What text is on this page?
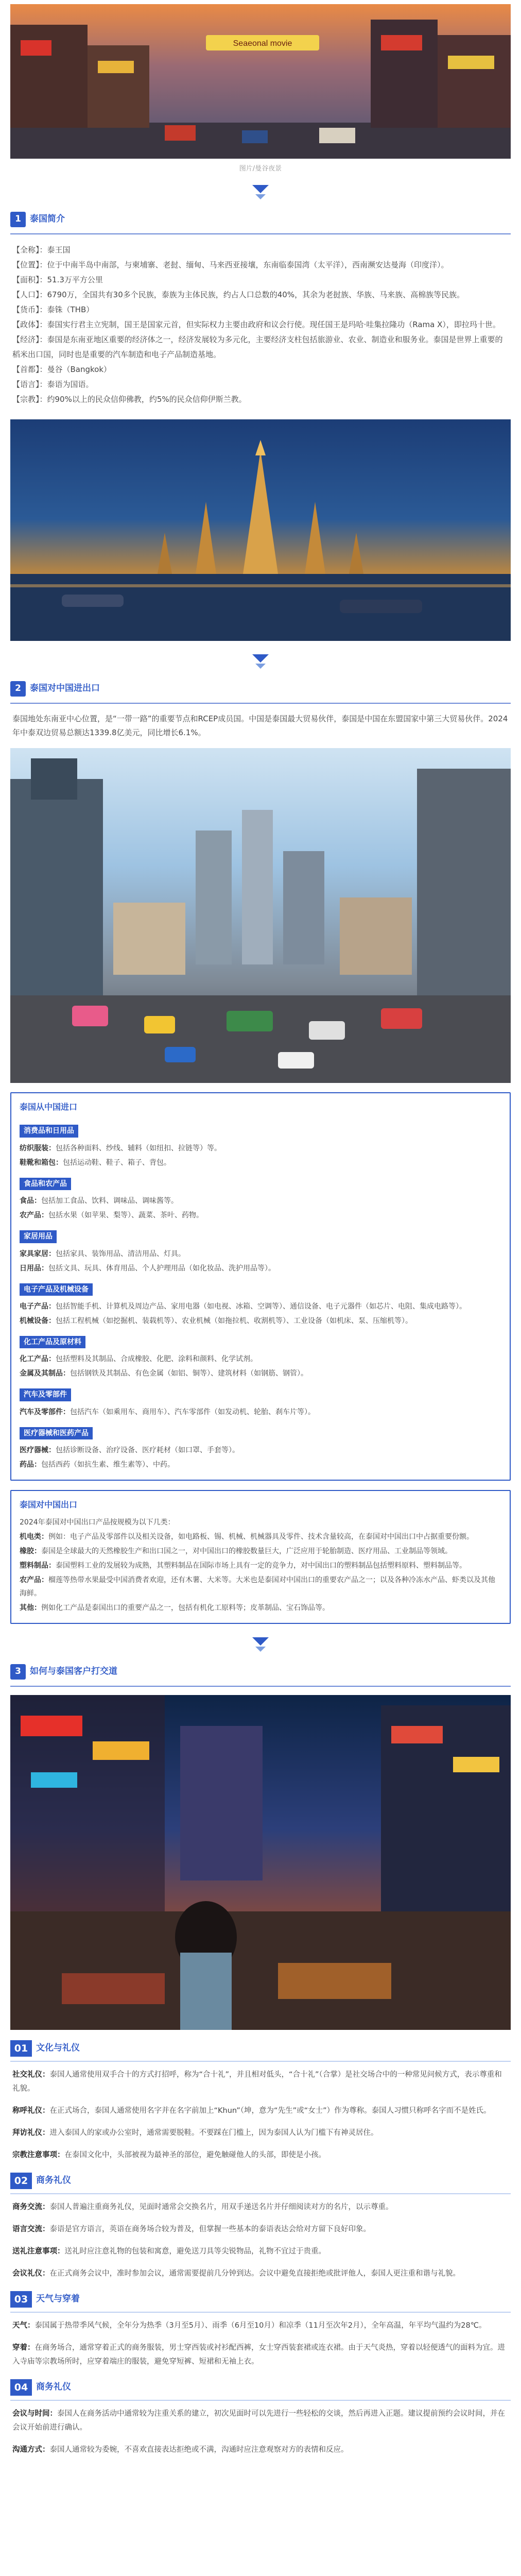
Seaeonal movie
图片/曼谷夜景
1	泰国简介

【全称】：泰王国

【位置】：位于中南半岛中南部，与柬埔寨、老挝、缅甸、马来西亚接壤，东南临泰国湾（太平洋），西南濒安达曼海（印度洋）。

【面积】：51.3万平方公里

【人口】：6790万，全国共有30多个民族，泰族为主体民族，约占人口总数的40%，其余为老挝族、华族、马来族、高棉族等民族。

【货币】：泰铢（THB）

【政体】：泰国实行君主立宪制，国王是国家元首，但实际权力主要由政府和议会行使。现任国王是玛哈·哇集拉隆功（Rama X），即拉玛十世。

【经济】：泰国是东南亚地区重要的经济体之一，经济发展较为多元化，主要经济支柱包括旅游业、农业、制造业和服务业。泰国是世界上重要的稻米出口国，同时也是重要的汽车制造和电子产品制造基地。

【首都】：曼谷（Bangkok）

【语言】：泰语为国语。

【宗教】：约90%以上的民众信仰佛教，约5%的民众信仰伊斯兰教。

2	泰国对中国进出口
泰国地处东南亚中心位置，是“一带一路”的重要节点和RCEP成员国。中国是泰国最大贸易伙伴，泰国是中国在东盟国家中第三大贸易伙伴。2024年中泰双边贸易总额达1339.8亿美元，同比增长6.1%。
泰国从中国进口
消费品和日用品
纺织服装：包括各种面料、纱线、辅料（如纽扣、拉链等）等。
鞋靴和箱包：包括运动鞋、鞋子、箱子、背包。
食品和农产品
食品：包括加工食品、饮料、调味品、调味酱等。
农产品：包括水果（如苹果、梨等）、蔬菜、茶叶、药物。
家居用品
家具家居：包括家具、装饰用品、清洁用品、灯具。
日用品：包括文具、玩具、体育用品、个人护理用品（如化妆品、洗护用品等）。
电子产品及机械设备
电子产品：包括智能手机、计算机及周边产品、家用电器（如电视、冰箱、空调等）、通信设备、电子元器件（如芯片、电阻、集成电路等）。
机械设备：包括工程机械（如挖掘机、装载机等）、农业机械（如拖拉机、收割机等）、工业设备（如机床、泵、压缩机等）。
化工产品及原材料
化工产品：包括塑料及其制品、合成橡胶、化肥、涂料和颜料、化学试剂。
金属及其制品：包括钢铁及其制品、有色金属（如铝、铜等）、建筑材料（如钢筋、钢管）。
汽车及零部件
汽车及零部件：包括汽车（如乘用车、商用车）、汽车零部件（如发动机、轮胎、刹车片等）。
医疗器械和医药产品
医疗器械：包括诊断设备、治疗设备、医疗耗材（如口罩、手套等）。
药品：包括西药（如抗生素、维生素等）、中药。
泰国对中国出口
2024年泰国对中国出口产品按规模为以下几类：
机电类：例如：电子产品及零部件以及相关设备，如电路板、锡、机械、机械器具及零件、技术含量较高，在泰国对中国出口中占据重要份额。
橡胶：泰国是全球最大的天然橡胶生产和出口国之一，对中国出口的橡胶数量巨大，广泛应用于轮胎制造、医疗用品、工业制品等领域。
塑料制品：泰国塑料工业的发展较为成熟，其塑料制品在国际市场上具有一定的竞争力，对中国出口的塑料制品包括塑料原料、塑料制品等。
农产品：榴莲等热带水果最受中国消费者欢迎，还有木薯、大米等。大米也是泰国对中国出口的重要农产品之一；以及各种冷冻水产品、虾类以及其他海鲜。
其他：例如化工产品是泰国出口的重要产品之一，包括有机化工原料等；皮革制品、宝石饰品等。
3	如何与泰国客户打交道
01 文化与礼仪
社交礼仪：泰国人通常使用双手合十的方式打招呼，称为“合十礼”，并且相对低头，“合十礼”（合掌）是社交场合中的一种常见问候方式，表示尊重和礼貌。
称呼礼仪：在正式场合，泰国人通常使用名字并在名字前加上“Khun”（坤，意为“先生”或“女士”）作为尊称。泰国人习惯只称呼名字而不是姓氏。
拜访礼仪：进入泰国人的家或办公室时，通常需要脱鞋。不要踩在门槛上，因为泰国人认为门槛下有神灵居住。
宗教注意事项：在泰国文化中，头部被视为最神圣的部位，避免触碰他人的头部，即使是小孩。
02 商务礼仪
商务交流：泰国人普遍注重商务礼仪，见面时通常会交换名片，用双手递送名片并仔细阅读对方的名片，以示尊重。
语言交流：泰语是官方语言，英语在商务场合较为普及，但掌握一些基本的泰语表达会给对方留下良好印象。
送礼注意事项：送礼时应注意礼物的包装和寓意，避免送刀具等尖锐物品，礼物不宜过于贵重。
会议礼仪：在正式商务会议中，准时参加会议，通常需要提前几分钟到达。会议中避免直接拒绝或批评他人，泰国人更注重和谐与礼貌。
03 天气与穿着
天气：泰国属于热带季风气候，全年分为热季（3月至5月）、雨季（6月至10月）和凉季（11月至次年2月），全年高温，年平均气温约为28℃。
穿着：在商务场合，通常穿着正式的商务服装，男士穿西装或衬衫配西裤，女士穿西装套裙或连衣裙。由于天气炎热，穿着以轻便透气的面料为宜。进入寺庙等宗教场所时，应穿着端庄的服装，避免穿短裤、短裙和无袖上衣。
04 商务礼仪
会议与时间：泰国人在商务活动中通常较为注重关系的建立，初次见面时可以先进行一些轻松的交谈，然后再进入正题。建议提前预约会议时间，并在会议开始前进行确认。
沟通方式：泰国人通常较为委婉，不喜欢直接表达拒绝或不满，沟通时应注意观察对方的表情和反应。
